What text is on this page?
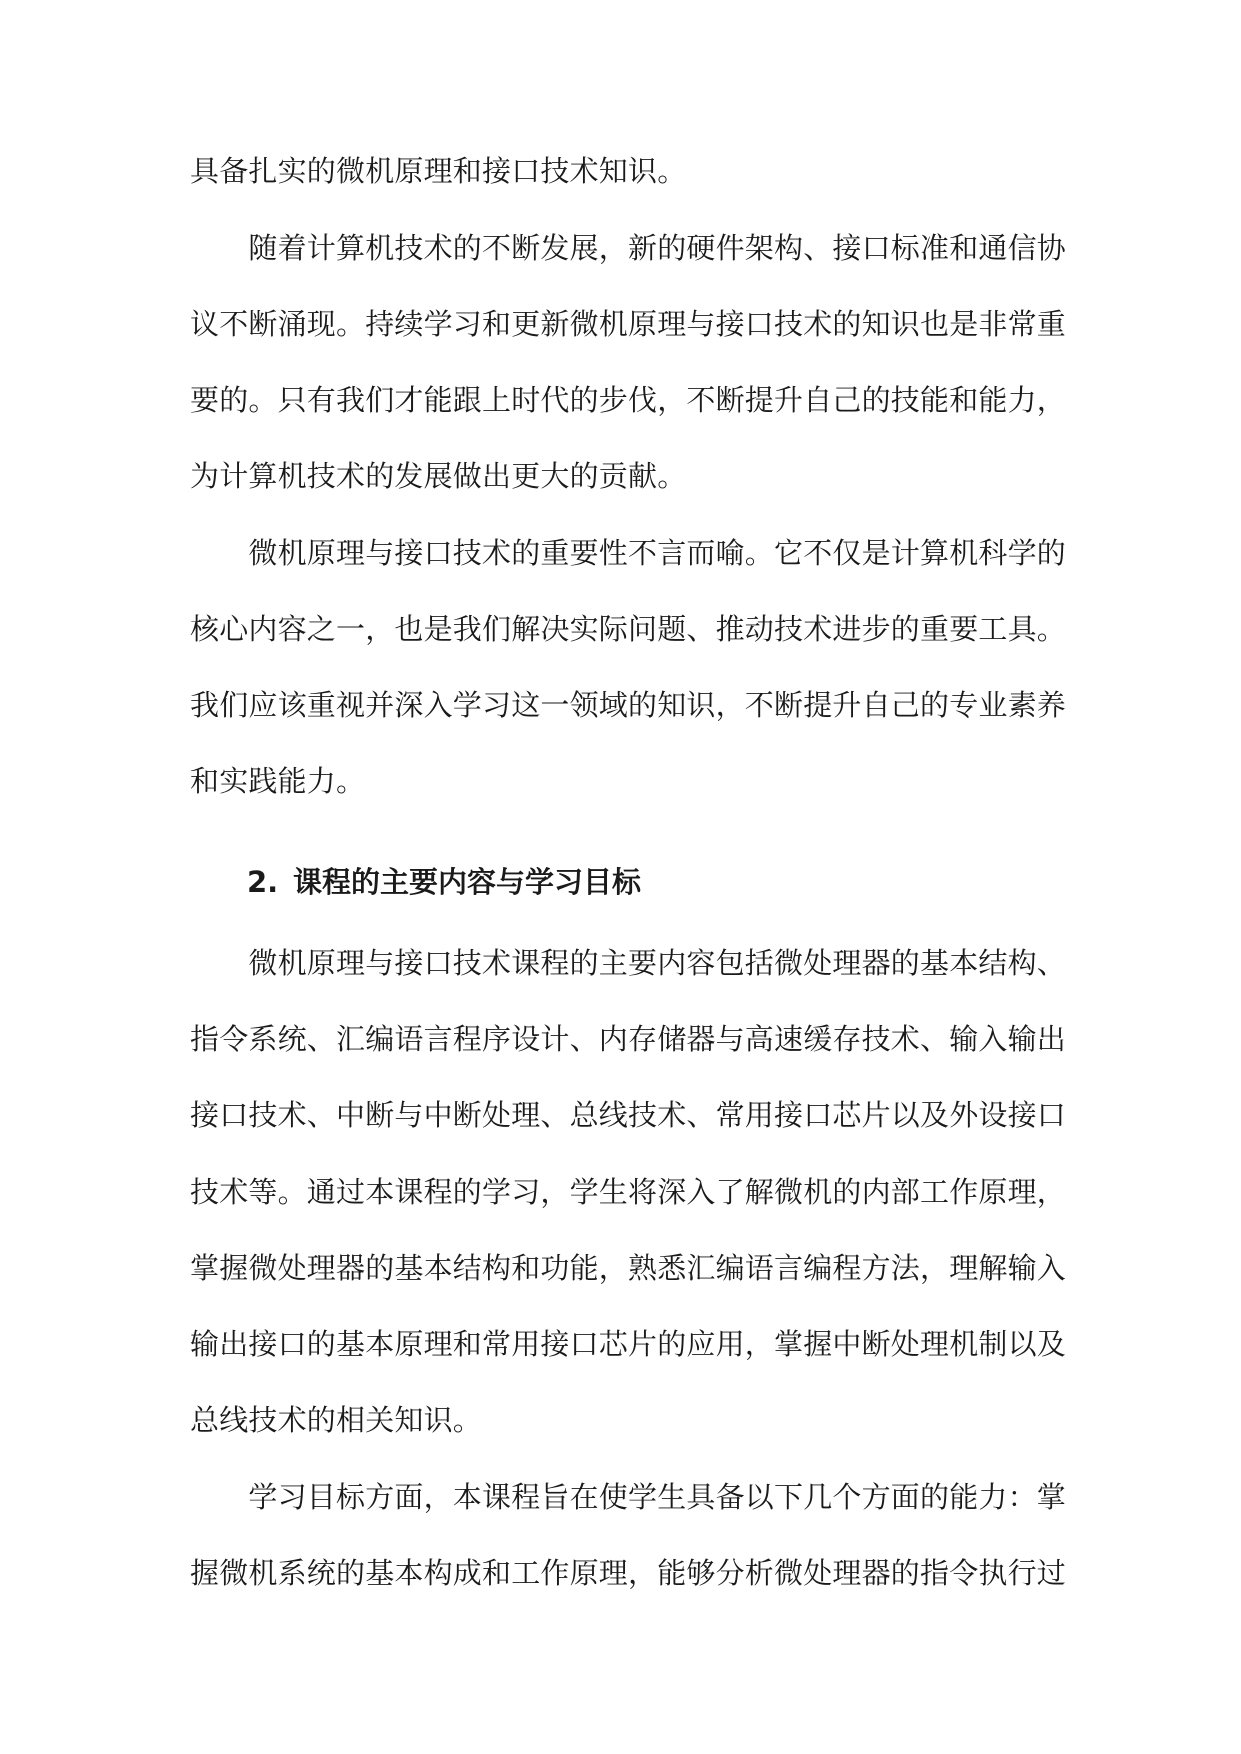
具备扎实的微机原理和接口技术知识。
　　随着计算机技术的不断发展，新的硬件架构、接口标准和通信协
议不断涌现。持续学习和更新微机原理与接口技术的知识也是非常重
要的。只有我们才能跟上时代的步伐，不断提升自己的技能和能力，
为计算机技术的发展做出更大的贡献。
　　微机原理与接口技术的重要性不言而喻。它不仅是计算机科学的
核心内容之一，也是我们解决实际问题、推动技术进步的重要工具。
我们应该重视并深入学习这一领域的知识，不断提升自己的专业素养
和实践能力。
2. 课程的主要内容与学习目标
　　微机原理与接口技术课程的主要内容包括微处理器的基本结构、
指令系统、汇编语言程序设计、内存储器与高速缓存技术、输入输出
接口技术、中断与中断处理、总线技术、常用接口芯片以及外设接口
技术等。通过本课程的学习，学生将深入了解微机的内部工作原理，
掌握微处理器的基本结构和功能，熟悉汇编语言编程方法，理解输入
输出接口的基本原理和常用接口芯片的应用，掌握中断处理机制以及
总线技术的相关知识。
　　学习目标方面，本课程旨在使学生具备以下几个方面的能力：掌
握微机系统的基本构成和工作原理，能够分析微处理器的指令执行过
